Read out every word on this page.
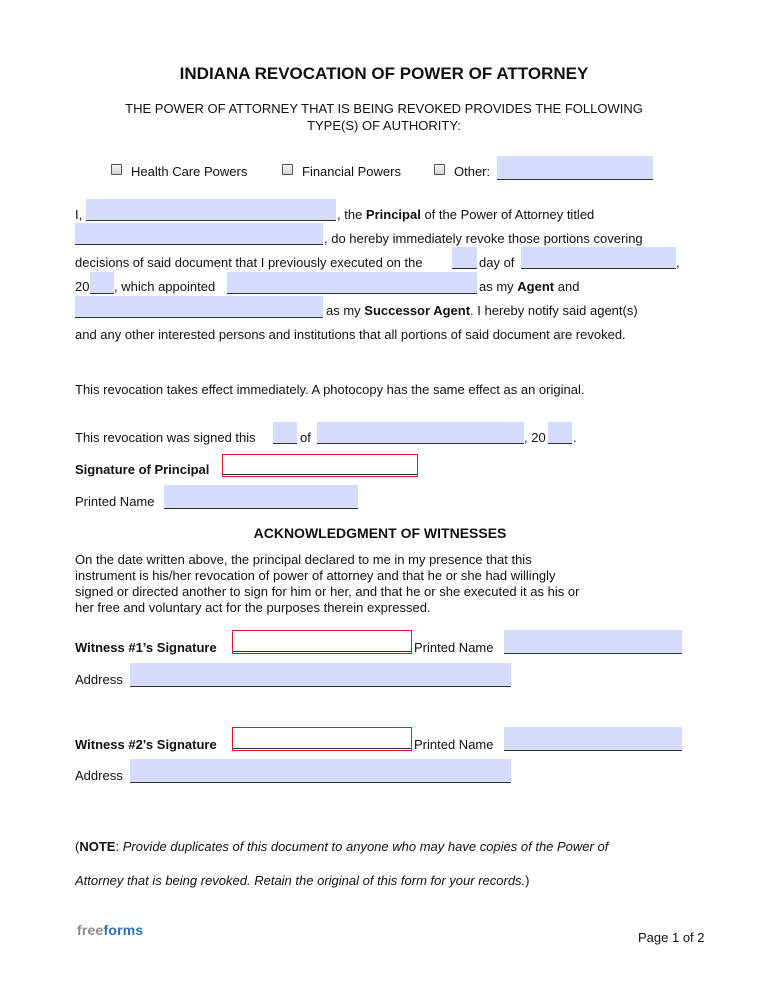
INDIANA REVOCATION OF POWER OF ATTORNEY
THE POWER OF ATTORNEY THAT IS BEING REVOKED PROVIDES THE FOLLOWING
TYPE(S) OF AUTHORITY:
Health Care Powers	Financial Powers	Other:
I,	, the Principal of the Power of Attorney titled
, do hereby immediately revoke those portions covering
decisions of said document that I previously executed on the	day of	,
20 , which appointed	as my Agent and
as my Successor Agent. I hereby notify said agent(s)
and any other interested persons and institutions that all portions of said document are revoked.
This revocation takes effect immediately. A photocopy has the same effect as an original.
This revocation was signed this	of	, 20 .
Signature of Principal
Printed Name
ACKNOWLEDGMENT OF WITNESSES
On the date written above, the principal declared to me in my presence that this
instrument is his/her revocation of power of attorney and that he or she had willingly
signed or directed another to sign for him or her, and that he or she executed it as his or
her free and voluntary act for the purposes therein expressed.
Witness #1’s Signature	Printed Name
Address
Witness #2’s Signature	Printed Name
Address
(NOTE: Provide duplicates of this document to anyone who may have copies of the Power of
Attorney that is being revoked. Retain the original of this form for your records.)
freeforms	Page 1 of 2
